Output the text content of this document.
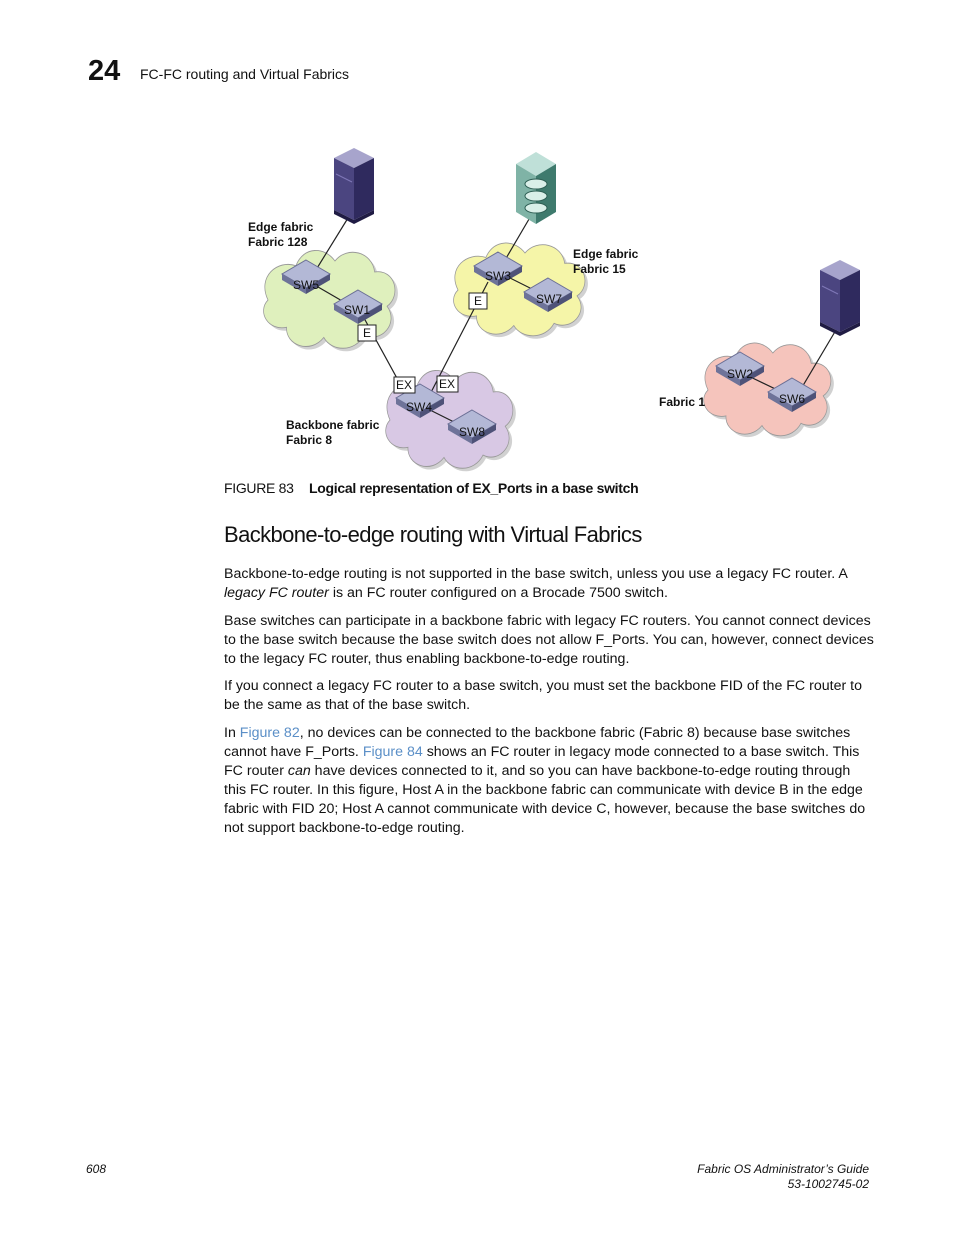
24 FC-FC routing and Virtual Fabrics
SW5
SW1
SW3
SW7
SW4
SW8
SW2
SW6
E
E
EX EX
Edge fabric
Fabric 128
Edge fabric
Fabric 15
Backbone fabric
Fabric 8
Fabric 1
FIGURE 83 Logical representation of EX_Ports in a base switch
Backbone-to-edge routing with Virtual Fabrics

Backbone-to-edge routing is not supported in the base switch, unless you use a legacy FC router. A legacy FC router is an FC router configured on a Brocade 7500 switch.

Base switches can participate in a backbone fabric with legacy FC routers. You cannot connect devices to the base switch because the base switch does not allow F_Ports. You can, however, connect devices to the legacy FC router, thus enabling backbone-to-edge routing.

If you connect a legacy FC router to a base switch, you must set the backbone FID of the FC router to be the same as that of the base switch.

In Figure 82, no devices can be connected to the backbone fabric (Fabric 8) because base switches cannot have F_Ports. Figure 84 shows an FC router in legacy mode connected to a base switch. This FC router can have devices connected to it, and so you can have backbone-to-edge routing through this FC router. In this figure, Host A in the backbone fabric can communicate with device B in the edge fabric with FID 20; Host A cannot communicate with device C, however, because the base switches do not support backbone-to-edge routing.

608	Fabric OS Administrator’s Guide
53-1002745-02
